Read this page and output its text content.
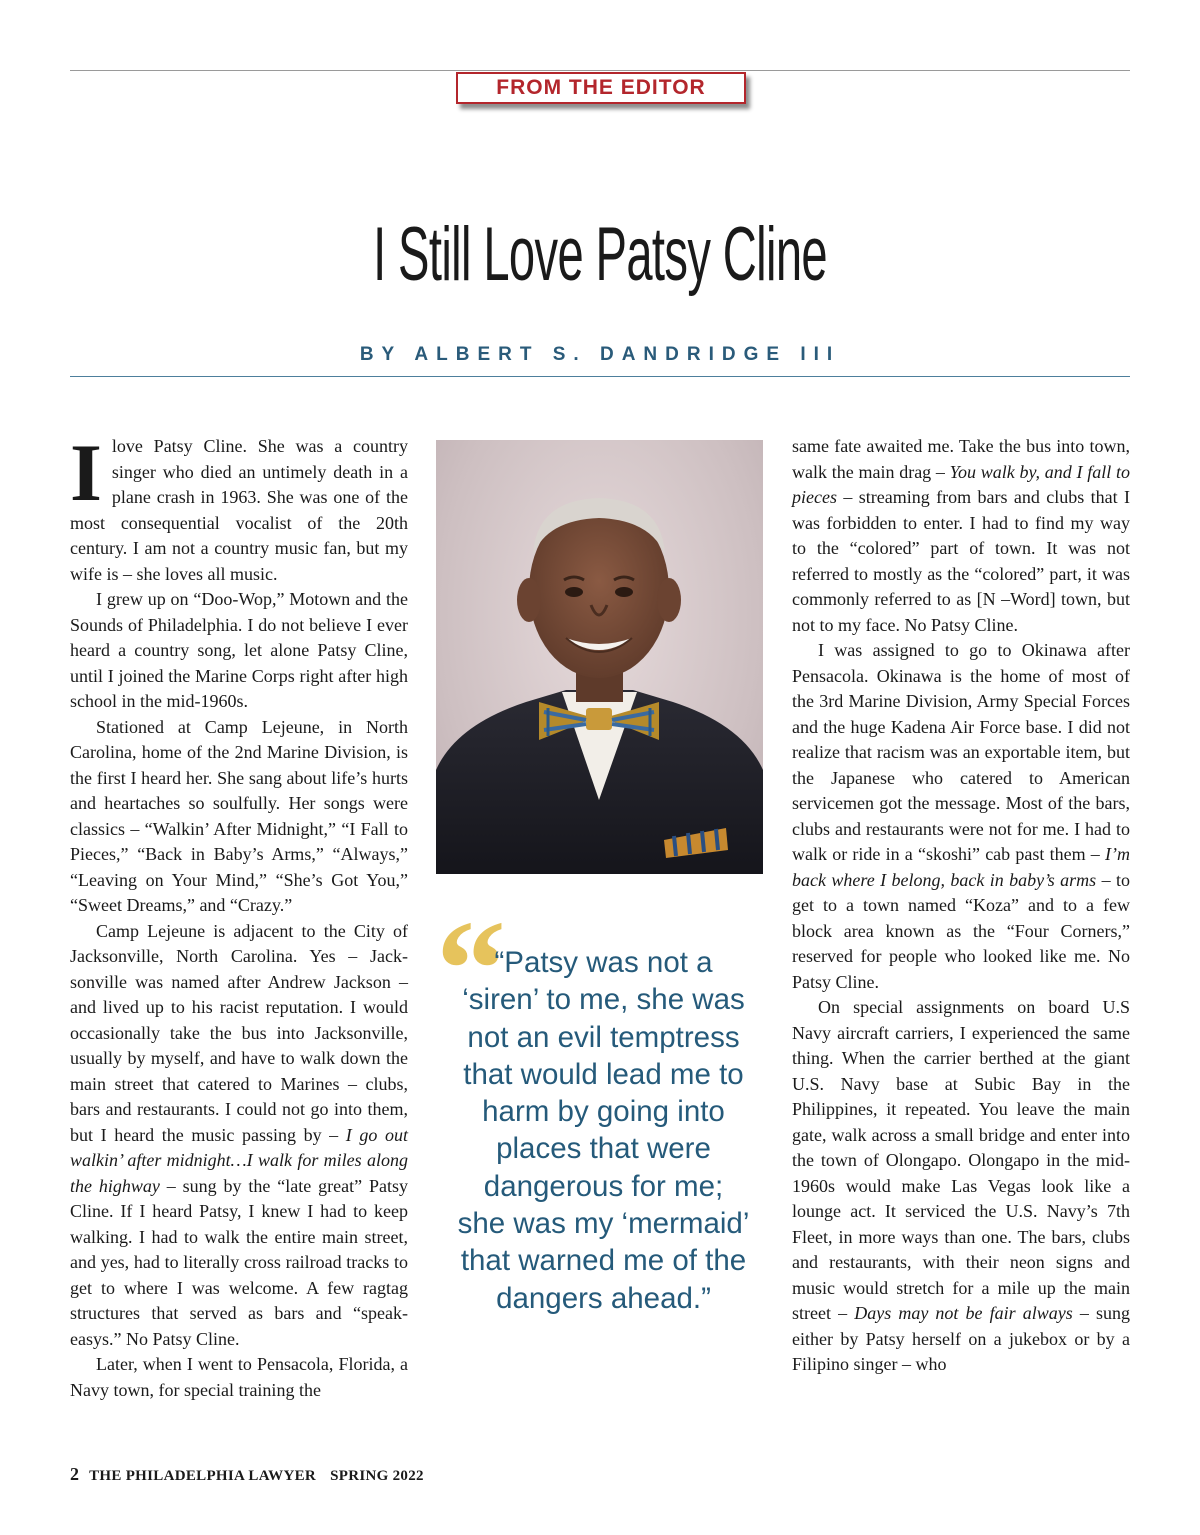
FROM THE EDITOR
I Still Love Patsy Cline
BY ALBERT S. DANDRIDGE III

I love Patsy Cline. She was a country singer who died an untimely death in a plane crash in 1963. She was one of the most consequential vocalist of the 20th century. I am not a country music fan, but my wife is – she loves all music.

I grew up on “Doo-Wop,” Motown and the Sounds of Philadelphia. I do not believe I ever heard a country song, let alone Patsy Cline, until I joined the Marine Corps right after high school in the mid-1960s.

Stationed at Camp Lejeune, in North Carolina, home of the 2nd Marine Division, is the first I heard her. She sang about life’s hurts and heartaches so soulfully. Her songs were classics – “Walkin’ After Midnight,” “I Fall to Pieces,” “Back in Baby’s Arms,” “Always,” “Leaving on Your Mind,” “She’s Got You,” “Sweet Dreams,” and “Crazy.”

Camp Lejeune is adjacent to the City of Jacksonville, North Carolina. Yes – Jacksonville was named after Andrew Jackson – and lived up to his racist reputation. I would occasionally take the bus into Jacksonville, usually by myself, and have to walk down the main street that catered to Marines – clubs, bars and restaurants. I could not go into them, but I heard the music passing by – I go out walkin’ after midnight…I walk for miles along the highway – sung by the “late great” Patsy Cline. If I heard Patsy, I knew I had to keep walking. I had to walk the entire main street, and yes, had to literally cross railroad tracks to get to where I was welcome. A few ragtag structures that served as bars and “speakeasys.” No Patsy Cline.

Later, when I went to Pensacola, Florida, a Navy town, for special training the

“
“Patsy was not a ‘siren’ to me, she was not an evil temptress that would lead me to harm by going into places that were dangerous for me; she was my ‘mermaid’ that warned me of the dangers ahead.”

same fate awaited me. Take the bus into town, walk the main drag – You walk by, and I fall to pieces – streaming from bars and clubs that I was forbidden to enter. I had to find my way to the “colored” part of town. It was not referred to mostly as the “colored” part, it was commonly referred to as [N –Word] town, but not to my face. No Patsy Cline.

I was assigned to go to Okinawa after Pensacola. Okinawa is the home of most of the 3rd Marine Division, Army Special Forces and the huge Kadena Air Force base. I did not realize that racism was an exportable item, but the Japanese who catered to American servicemen got the message. Most of the bars, clubs and restaurants were not for me. I had to walk or ride in a “skoshi” cab past them – I’m back where I belong, back in baby’s arms – to get to a town named “Koza” and to a few block area known as the “Four Corners,” reserved for people who looked like me. No Patsy Cline.

On special assignments on board U.S Navy aircraft carriers, I experienced the same thing. When the carrier berthed at the giant U.S. Navy base at Subic Bay in the Philippines, it repeated. You leave the main gate, walk across a small bridge and enter into the town of Olongapo. Olongapo in the mid-1960s would make Las Vegas look like a lounge act. It serviced the U.S. Navy’s 7th Fleet, in more ways than one. The bars, clubs and restaurants, with their neon signs and music would stretch for a mile up the main street – Days may not be fair always – sung either by Patsy herself on a jukebox or by a Filipino singer – who

2 THE PHILADELPHIA LAWYER SPRING 2022
